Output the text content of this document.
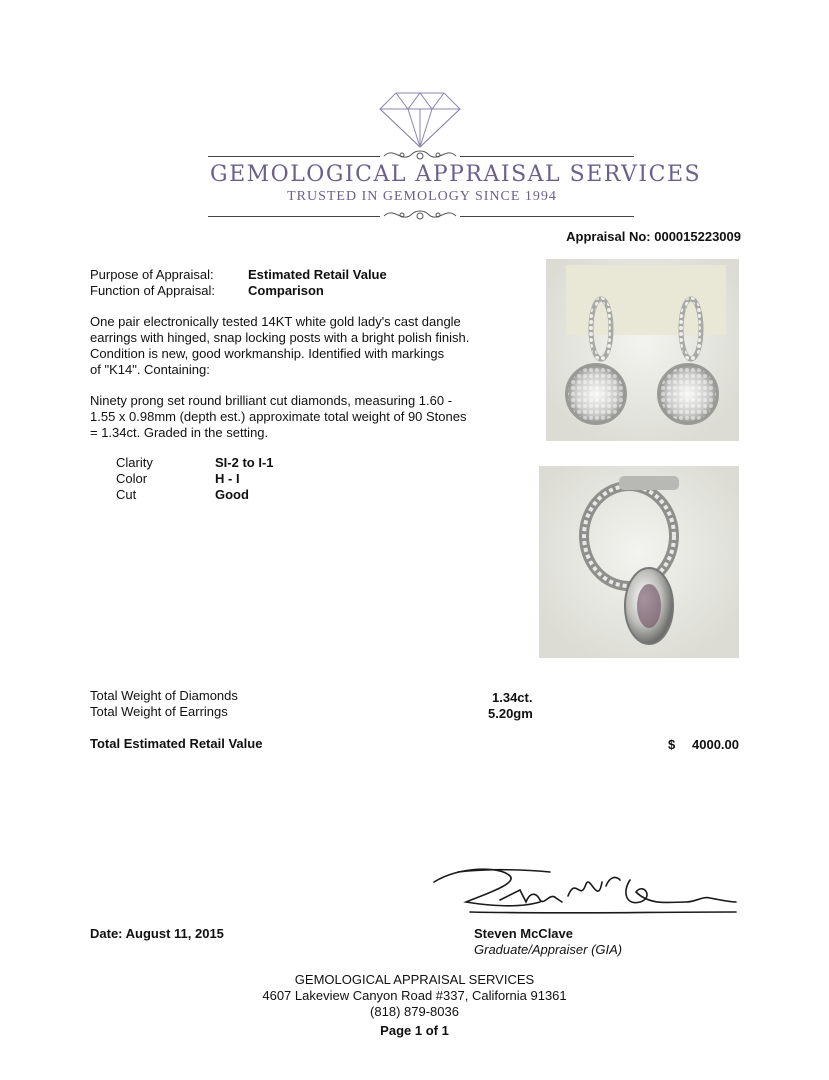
GEMOLOGICAL APPRAISAL SERVICES
TRUSTED IN GEMOLOGY SINCE 1994
Appraisal No: 000015223009
Purpose of Appraisal:	Estimated Retail Value
Function of Appraisal:	Comparison
One pair electronically tested 14KT white gold lady's cast dangle
earrings with hinged, snap locking posts with a bright polish finish.
Condition is new, good workmanship. Identified with markings
of "K14". Containing:
Ninety prong set round brilliant cut diamonds, measuring 1.60 -
1.55 x 0.98mm (depth est.) approximate total weight of 90 Stones
= 1.34ct. Graded in the setting.
Clarity	SI-2 to I-1
Color	H - I
Cut	Good
Total Weight of Diamonds	1.34ct.
Total Weight of Earrings	5.20gm
Total Estimated Retail Value	$ 4000.00
Date: August 11, 2015	Steven McClave
Graduate/Appraiser (GIA)
GEMOLOGICAL APPRAISAL SERVICES
4607 Lakeview Canyon Road #337, California 91361
(818) 879-8036
Page 1 of 1
